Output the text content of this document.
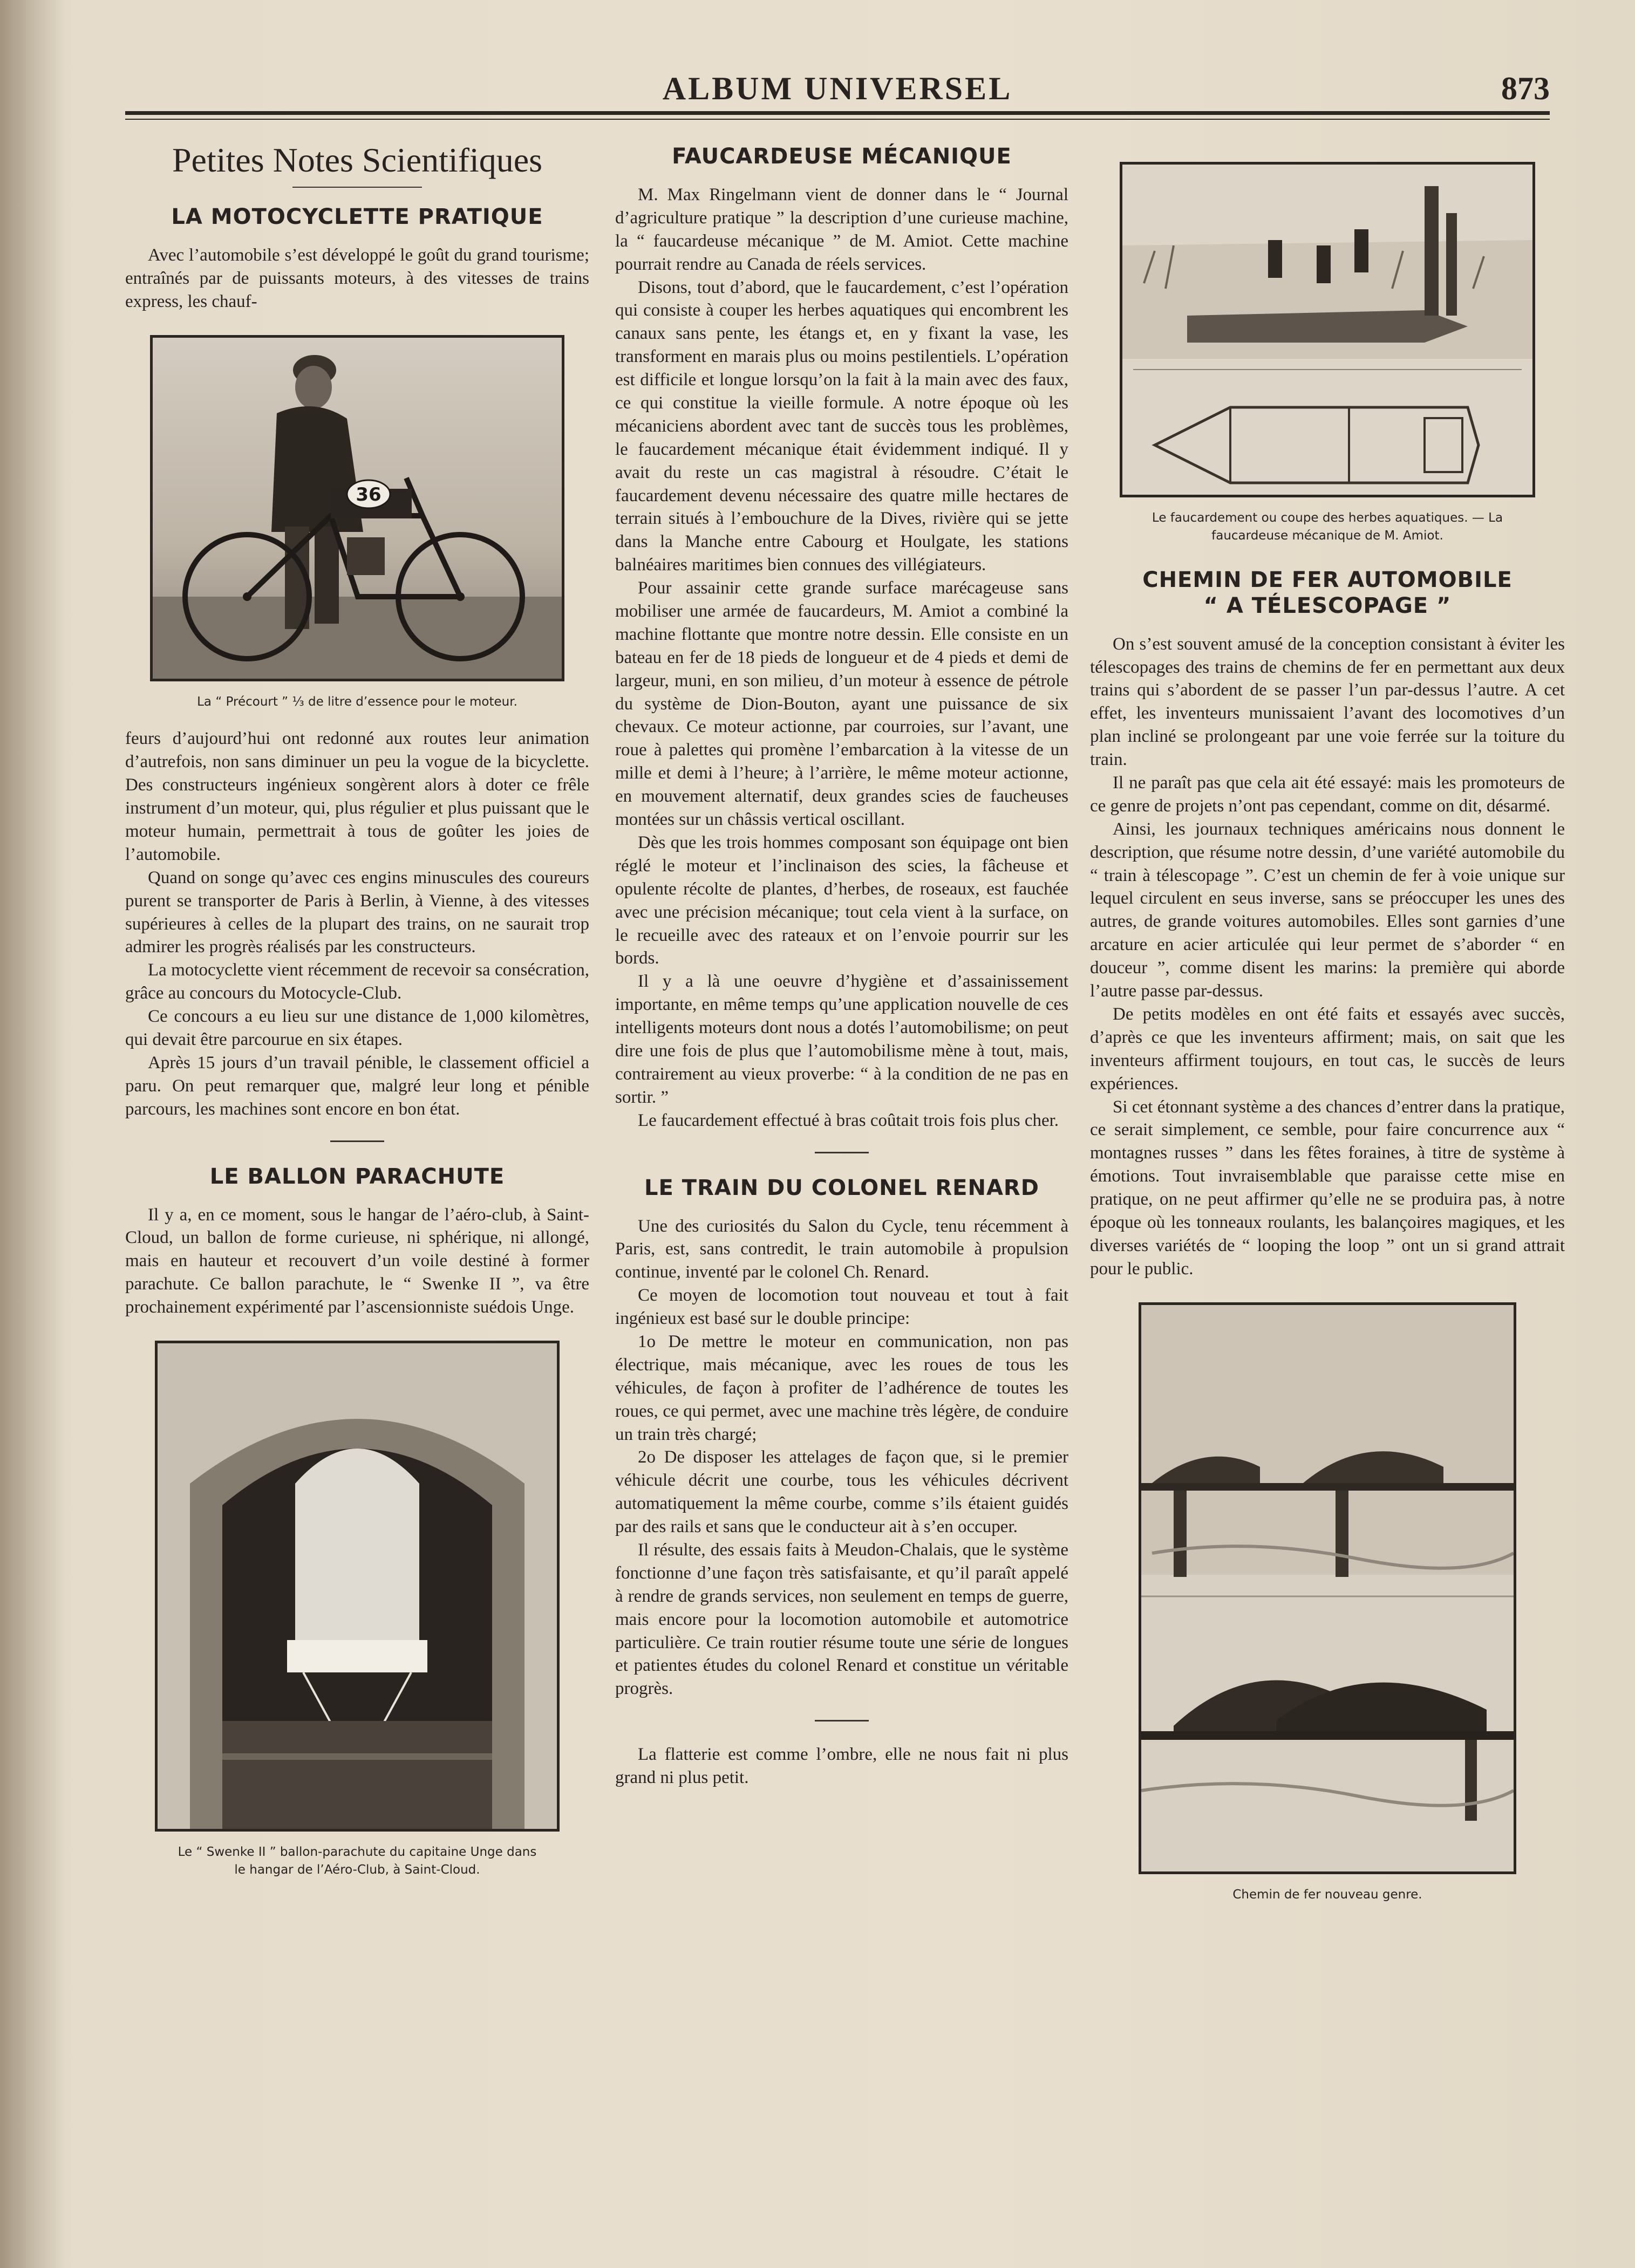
ALBUM UNIVERSEL	873
Petites Notes Scientifiques
LA MOTOCYCLETTE PRATIQUE

Avec l’automobile s’est développé le goût du grand tourisme; entraînés par de puissants moteurs, à des vitesses de trains express, les chauf-

36
La “ Précourt ” ⅓ de litre d’essence pour le moteur.

feurs d’aujourd’hui ont redonné aux routes leur animation d’autrefois, non sans diminuer un peu la vogue de la bicyclette. Des constructeurs ingénieux songèrent alors à doter ce frêle instrument d’un moteur, qui, plus régulier et plus puissant que le moteur humain, permettrait à tous de goûter les joies de l’automobile.

Quand on songe qu’avec ces engins minuscules des coureurs purent se transporter de Paris à Berlin, à Vienne, à des vitesses supérieures à celles de la plupart des trains, on ne saurait trop admirer les progrès réalisés par les constructeurs.

La motocyclette vient récemment de recevoir sa consécration, grâce au concours du Motocycle-Club.

Ce concours a eu lieu sur une distance de 1,000 kilomètres, qui devait être parcourue en six étapes.

Après 15 jours d’un travail pénible, le classement officiel a paru. On peut remarquer que, malgré leur long et pénible parcours, les machines sont encore en bon état.

LE BALLON PARACHUTE

Il y a, en ce moment, sous le hangar de l’aéro-club, à Saint-Cloud, un ballon de forme curieuse, ni sphérique, ni allongé, mais en hauteur et recouvert d’un voile destiné à former parachute. Ce ballon parachute, le “ Swenke II ”, va être prochainement expérimenté par l’ascensionniste suédois Unge.

Le “ Swenke II ” ballon-parachute du capitaine Unge dans
le hangar de l’Aéro-Club, à Saint-Cloud.
FAUCARDEUSE MÉCANIQUE

M. Max Ringelmann vient de donner dans le “ Journal d’agriculture pratique ” la description d’une curieuse machine, la “ faucardeuse mécanique ” de M. Amiot. Cette machine pourrait rendre au Canada de réels services.

Disons, tout d’abord, que le faucardement, c’est l’opération qui consiste à couper les herbes aquatiques qui encombrent les canaux sans pente, les étangs et, en y fixant la vase, les transforment en marais plus ou moins pestilentiels. L’opération est difficile et longue lorsqu’on la fait à la main avec des faux, ce qui constitue la vieille formule. A notre époque où les mécaniciens abordent avec tant de succès tous les problèmes, le faucardement mécanique était évidemment indiqué. Il y avait du reste un cas magistral à résoudre. C’était le faucardement devenu nécessaire des quatre mille hectares de terrain situés à l’embouchure de la Dives, rivière qui se jette dans la Manche entre Cabourg et Houlgate, les stations balnéaires maritimes bien connues des villégiateurs.

Pour assainir cette grande surface marécageuse sans mobiliser une armée de faucardeurs, M. Amiot a combiné la machine flottante que montre notre dessin. Elle consiste en un bateau en fer de 18 pieds de longueur et de 4 pieds et demi de largeur, muni, en son milieu, d’un moteur à essence de pétrole du système de Dion-Bouton, ayant une puissance de six chevaux. Ce moteur actionne, par courroies, sur l’avant, une roue à palettes qui promène l’embarcation à la vitesse de un mille et demi à l’heure; à l’arrière, le même moteur actionne, en mouvement alternatif, deux grandes scies de faucheuses montées sur un châssis vertical oscillant.

Dès que les trois hommes composant son équipage ont bien réglé le moteur et l’inclinaison des scies, la fâcheuse et opulente récolte de plantes, d’herbes, de roseaux, est fauchée avec une précision mécanique; tout cela vient à la surface, on le recueille avec des rateaux et on l’envoie pourrir sur les bords.

Il y a là une oeuvre d’hygiène et d’assainissement importante, en même temps qu’une application nouvelle de ces intelligents moteurs dont nous a dotés l’automobilisme; on peut dire une fois de plus que l’automobilisme mène à tout, mais, contrairement au vieux proverbe: “ à la condition de ne pas en sortir. ”

Le faucardement effectué à bras coûtait trois fois plus cher.

LE TRAIN DU COLONEL RENARD

Une des curiosités du Salon du Cycle, tenu récemment à Paris, est, sans contredit, le train automobile à propulsion continue, inventé par le colonel Ch. Renard.

Ce moyen de locomotion tout nouveau et tout à fait ingénieux est basé sur le double principe:

1o De mettre le moteur en communication, non pas électrique, mais mécanique, avec les roues de tous les véhicules, de façon à profiter de l’adhérence de toutes les roues, ce qui permet, avec une machine très légère, de conduire un train très chargé;

2o De disposer les attelages de façon que, si le premier véhicule décrit une courbe, tous les véhicules décrivent automatiquement la même courbe, comme s’ils étaient guidés par des rails et sans que le conducteur ait à s’en occuper.

Il résulte, des essais faits à Meudon-Chalais, que le système fonctionne d’une façon très satisfaisante, et qu’il paraît appelé à rendre de grands services, non seulement en temps de guerre, mais encore pour la locomotion automobile et automotrice particulière. Ce train routier résume toute une série de longues et patientes études du colonel Renard et constitue un véritable progrès.

La flatterie est comme l’ombre, elle ne nous fait ni plus grand ni plus petit.

Le faucardement ou coupe des herbes aquatiques. — La
faucardeuse mécanique de M. Amiot.
CHEMIN DE FER AUTOMOBILE
“ A TÉLESCOPAGE ”

On s’est souvent amusé de la conception consistant à éviter les télescopages des trains de chemins de fer en permettant aux deux trains qui s’abordent de se passer l’un par-dessus l’autre. A cet effet, les inventeurs munissaient l’avant des locomotives d’un plan incliné se prolongeant par une voie ferrée sur la toiture du train.

Il ne paraît pas que cela ait été essayé: mais les promoteurs de ce genre de projets n’ont pas cependant, comme on dit, désarmé.

Ainsi, les journaux techniques américains nous donnent le description, que résume notre dessin, d’une variété automobile du “ train à télescopage ”. C’est un chemin de fer à voie unique sur lequel circulent en seus inverse, sans se préoccuper les unes des autres, de grande voitures automobiles. Elles sont garnies d’une arcature en acier articulée qui leur permet de s’aborder “ en douceur ”, comme disent les marins: la première qui aborde l’autre passe par-dessus.

De petits modèles en ont été faits et essayés avec succès, d’après ce que les inventeurs affirment; mais, on sait que les inventeurs affirment toujours, en tout cas, le succès de leurs expériences.

Si cet étonnant système a des chances d’entrer dans la pratique, ce serait simplement, ce semble, pour faire concurrence aux “ montagnes russes ” dans les fêtes foraines, à titre de système à émotions. Tout invraisemblable que paraisse cette mise en pratique, on ne peut affirmer qu’elle ne se produira pas, à notre époque où les tonneaux roulants, les balançoires magiques, et les diverses variétés de “ looping the loop ” ont un si grand attrait pour le public.

Chemin de fer nouveau genre.
